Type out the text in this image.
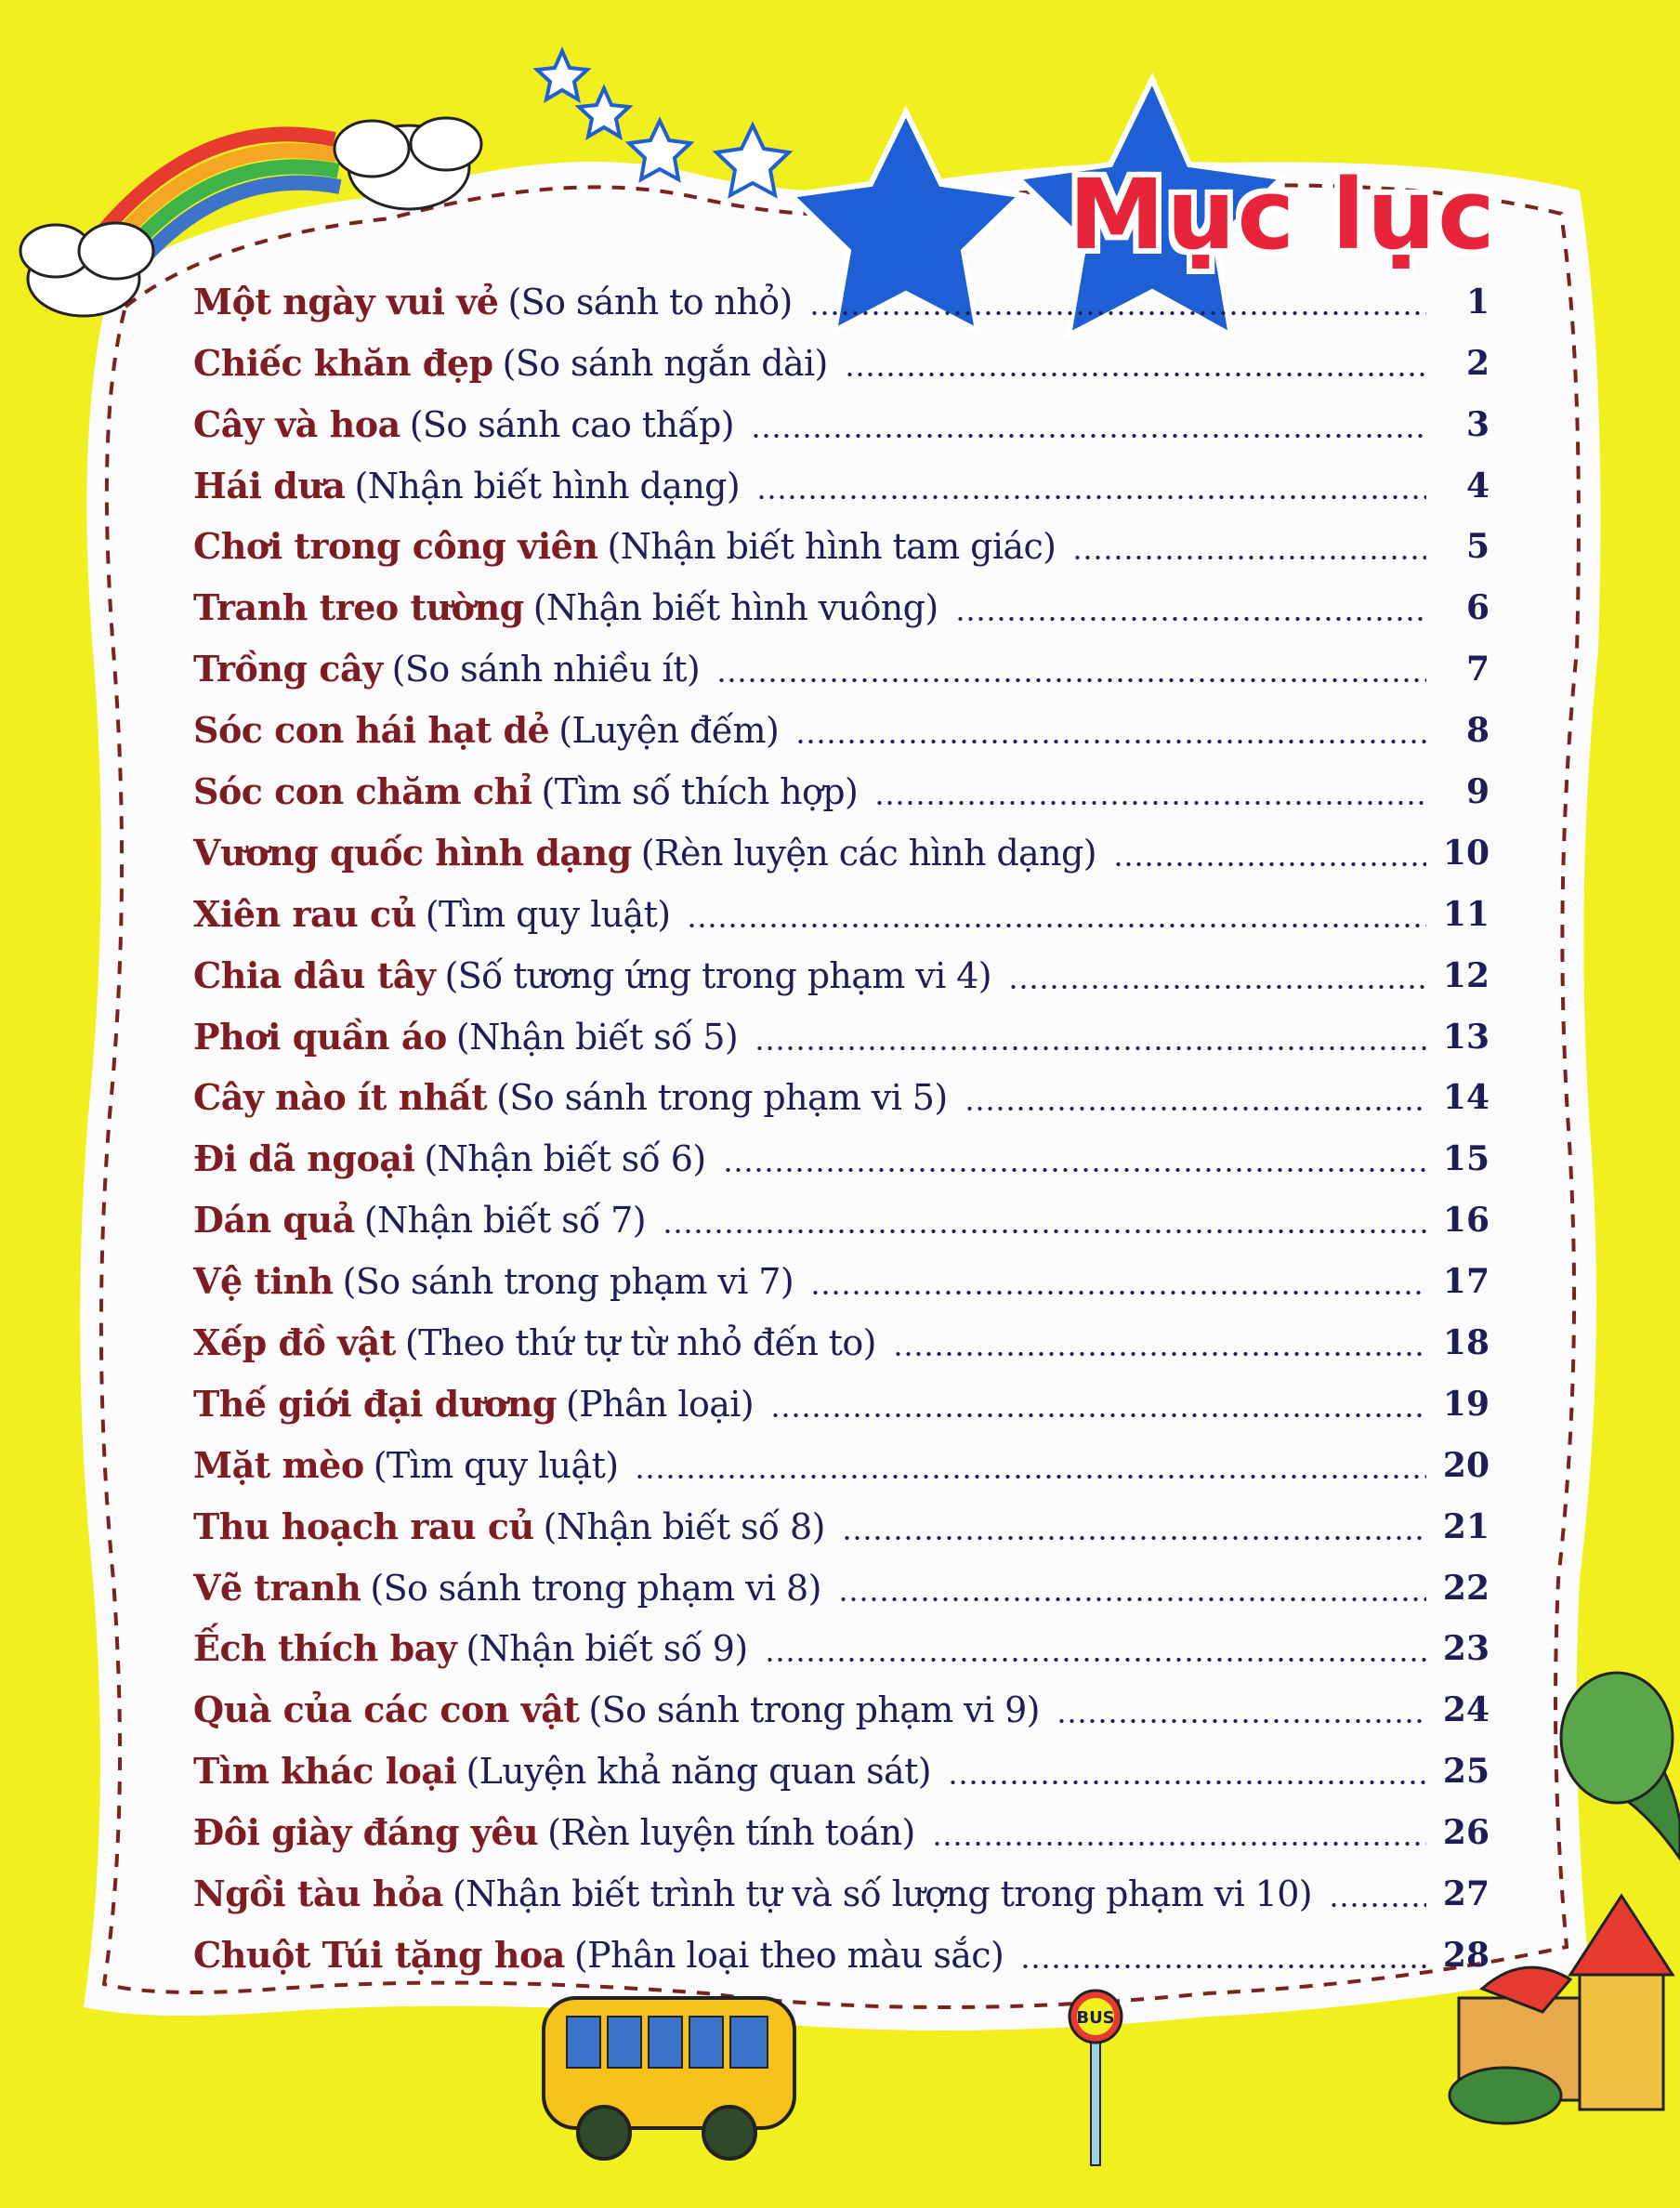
BUS
Mục lục
Một ngày vui vẻ (So sánh to nhỏ)	1
Chiếc khăn đẹp (So sánh ngắn dài)	2
Cây và hoa (So sánh cao thấp)	3
Hái dưa (Nhận biết hình dạng)	4
Chơi trong công viên (Nhận biết hình tam giác)	5
Tranh treo tường (Nhận biết hình vuông)	6
Trồng cây (So sánh nhiều ít)	7
Sóc con hái hạt dẻ (Luyện đếm)	8
Sóc con chăm chỉ (Tìm số thích hợp)	9
Vương quốc hình dạng (Rèn luyện các hình dạng)	10
Xiên rau củ (Tìm quy luật)	11
Chia dâu tây (Số tương ứng trong phạm vi 4)	12
Phơi quần áo (Nhận biết số 5)	13
Cây nào ít nhất (So sánh trong phạm vi 5)	14
Đi dã ngoại (Nhận biết số 6)	15
Dán quả (Nhận biết số 7)	16
Vệ tinh (So sánh trong phạm vi 7)	17
Xếp đồ vật (Theo thứ tự từ nhỏ đến to)	18
Thế giới đại dương (Phân loại)	19
Mặt mèo (Tìm quy luật)	20
Thu hoạch rau củ (Nhận biết số 8)	21
Vẽ tranh (So sánh trong phạm vi 8)	22
Ếch thích bay (Nhận biết số 9)	23
Quà của các con vật (So sánh trong phạm vi 9)	24
Tìm khác loại (Luyện khả năng quan sát)	25
Đôi giày đáng yêu (Rèn luyện tính toán)	26
Ngồi tàu hỏa (Nhận biết trình tự và số lượng trong phạm vi 10)	27
Chuột Túi tặng hoa (Phân loại theo màu sắc)	28
